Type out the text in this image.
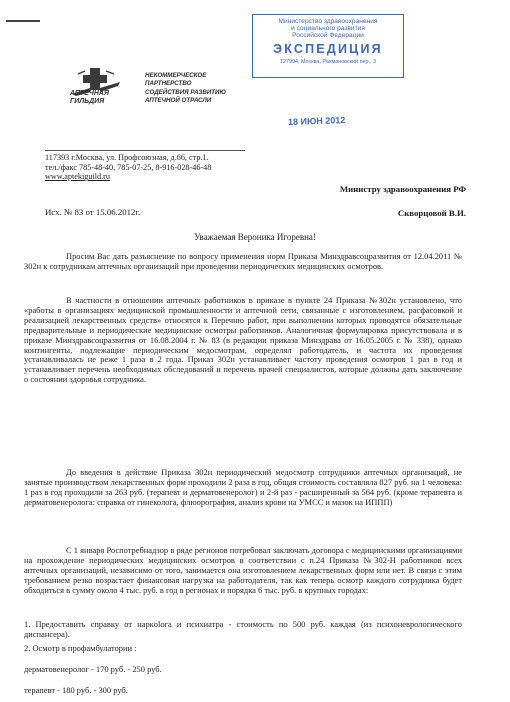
Министерство здравоохранения
и социального развития
Российской Федерации
ЭКСПЕДИЦИЯ
127994, Москва, Рахмановский пер., 3
18 ИЮН 2012
АПТЕЧНАЯ
ГИЛЬДИЯ
НЕКОММЕРЧЕСКОЕ
ПАРТНЕРСТВО
СОДЕЙСТВИЯ РАЗВИТИЮ
АПТЕЧНОЙ ОТРАСЛИ
117393 г.Москва, ул. Профсоюзная, д.66, стр.1.
тел./факс 785-48-40, 785-07-25, 8-916-028-46-48
www.aptekiguild.ru
Министру здравоохранения РФ
Скворцовой В.И.
Исх. № 83 от 15.06.2012г.
Уважаемая Вероника Игоревна!

Просим Вас дать разъяснение по вопросу применения норм Приказа Минздравсоцразвития от 12.04.2011 № 302н к сотрудникам аптечных организаций при проведении периодических медицинских осмотров.

В частности в отношении аптечных работников в приказе в пункте 24 Приказа №302н установлено, что «работы в организациях медицинской промышленности и аптечной сети, связанные с изготовлением, расфасовкой и реализацией лекарственных средств» относятся к Перечню работ, при выполнении которых проводятся обязательные предварительные и периодические медицинские осмотры работников. Аналогичная формулировка присутствовала и в приказе Минздравсоцразвития от 16.08.2004 г. № 83 (в редакции приказа Минздрава от 16.05.2005 г. № 338), однако контингенты, подлежащие периодическим медосмотрам, определял работодатель, и частота их проведения устанавливалась не реже 1 раза в 2 года. Приказ 302н устанавливает частоту проведения осмотров 1 раз в год и устанавливает перечень необходимых обследований и перечень врачей специалистов, которые должны дать заключение о состоянии здоровья сотрудника.

До введения в действие Приказа 302н периодический медосмотр сотрудники аптечных организаций, не занятые производством лекарственных форм проходили 2 раза в год, общая стоимость составляла 827 руб. на 1 человека: 1 раз в год проходили за 263 руб. (терапевт и дерматовенеролог) и 2-й раз - расширенный за 564 руб. (кроме терапевта и дерматовенеролога: справка от гинеколога, флюорография, анализ крови на УМСС и мазок на ИППП)

С 1 января Роспотребнадзор в ряде регионов потребовал заключать договора с медицинскими организациями на прохождение периодических медицинских осмотров в соответствии с п.24 Приказа №302-Н работников всех аптечных организаций, независимо от того, занимается она изготовлением лекарственных форм или нет. В связи с этим требованием резко возрастает финансовая нагрузка на работодателя, так как теперь осмотр каждого сотрудника будет обходиться в сумму около 4 тыс. руб. в год в регионах и порядка 6 тыс. руб. в крупных городах:

1. Предоставить справку от наркolога и психиатра - стоимость по 500 руб. каждая (из психоневрологического диспансера).
2. Осмотр в профамбулатории :
дерматовенеролог - 170 руб. - 250 руб.
терапевт - 180 руб. - 300 руб.
